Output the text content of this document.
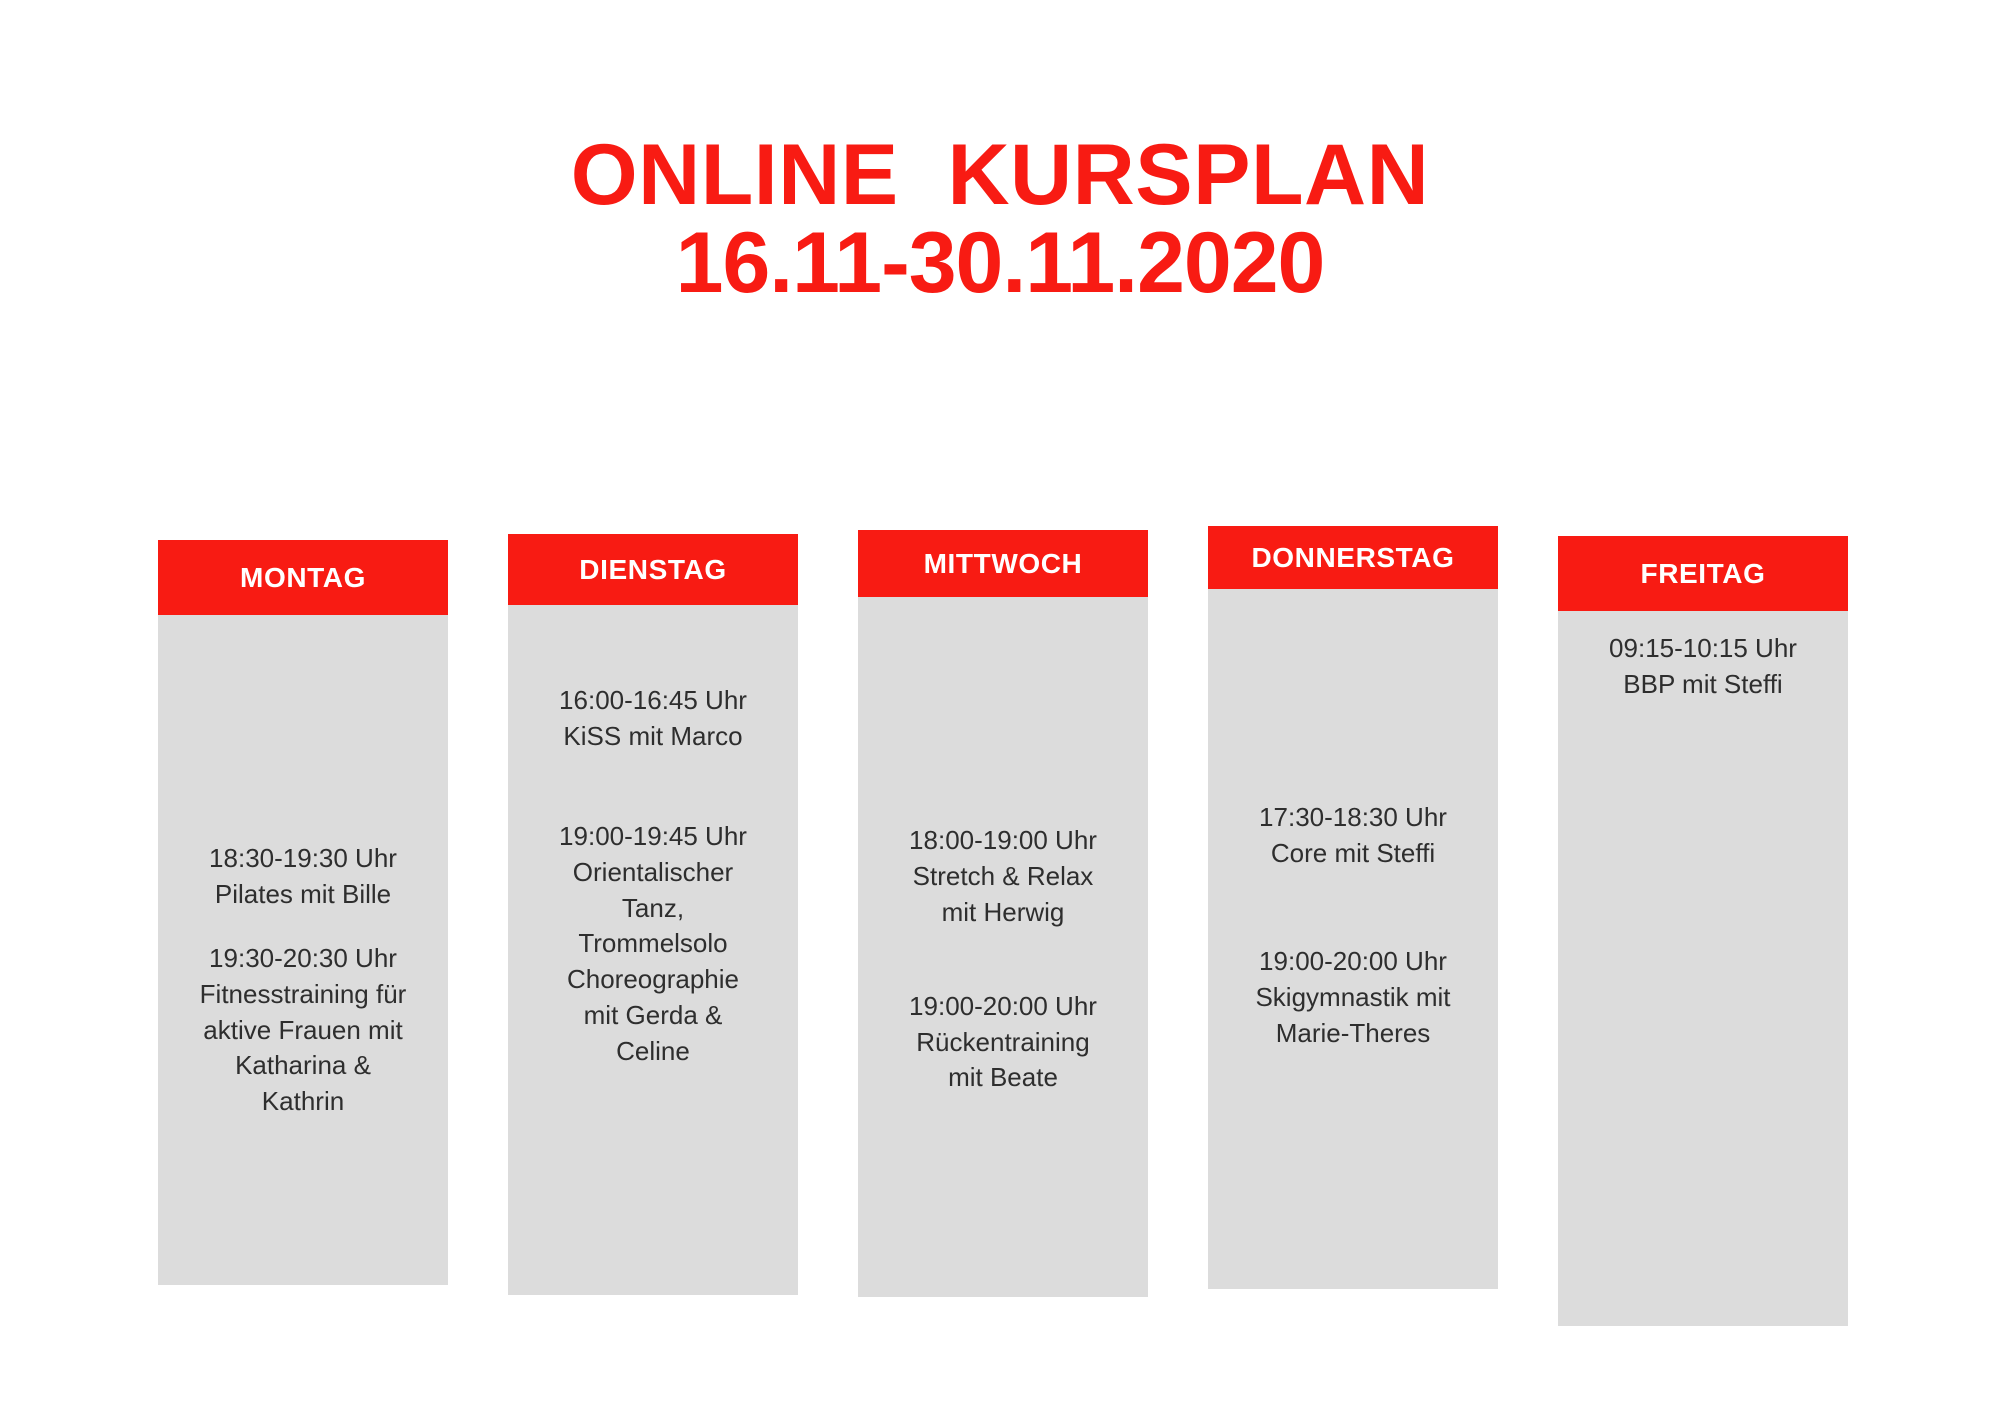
ONLINE  KURSPLAN
16.11-30.11.2020
MONTAG

18:30-19:30 Uhr
Pilates mit Bille

19:30-20:30 Uhr
Fitnesstraining für
aktive Frauen mit
Katharina &
Kathrin

DIENSTAG

16:00-16:45 Uhr
KiSS mit Marco

19:00-19:45 Uhr
Orientalischer
Tanz,
Trommelsolo
Choreographie
mit Gerda &
Celine

MITTWOCH

18:00-19:00 Uhr
Stretch & Relax
mit Herwig

19:00-20:00 Uhr
Rückentraining
mit Beate

DONNERSTAG

17:30-18:30 Uhr
Core mit Steffi

19:00-20:00 Uhr
Skigymnastik mit
Marie-Theres

FREITAG

09:15-10:15 Uhr
BBP mit Steffi
